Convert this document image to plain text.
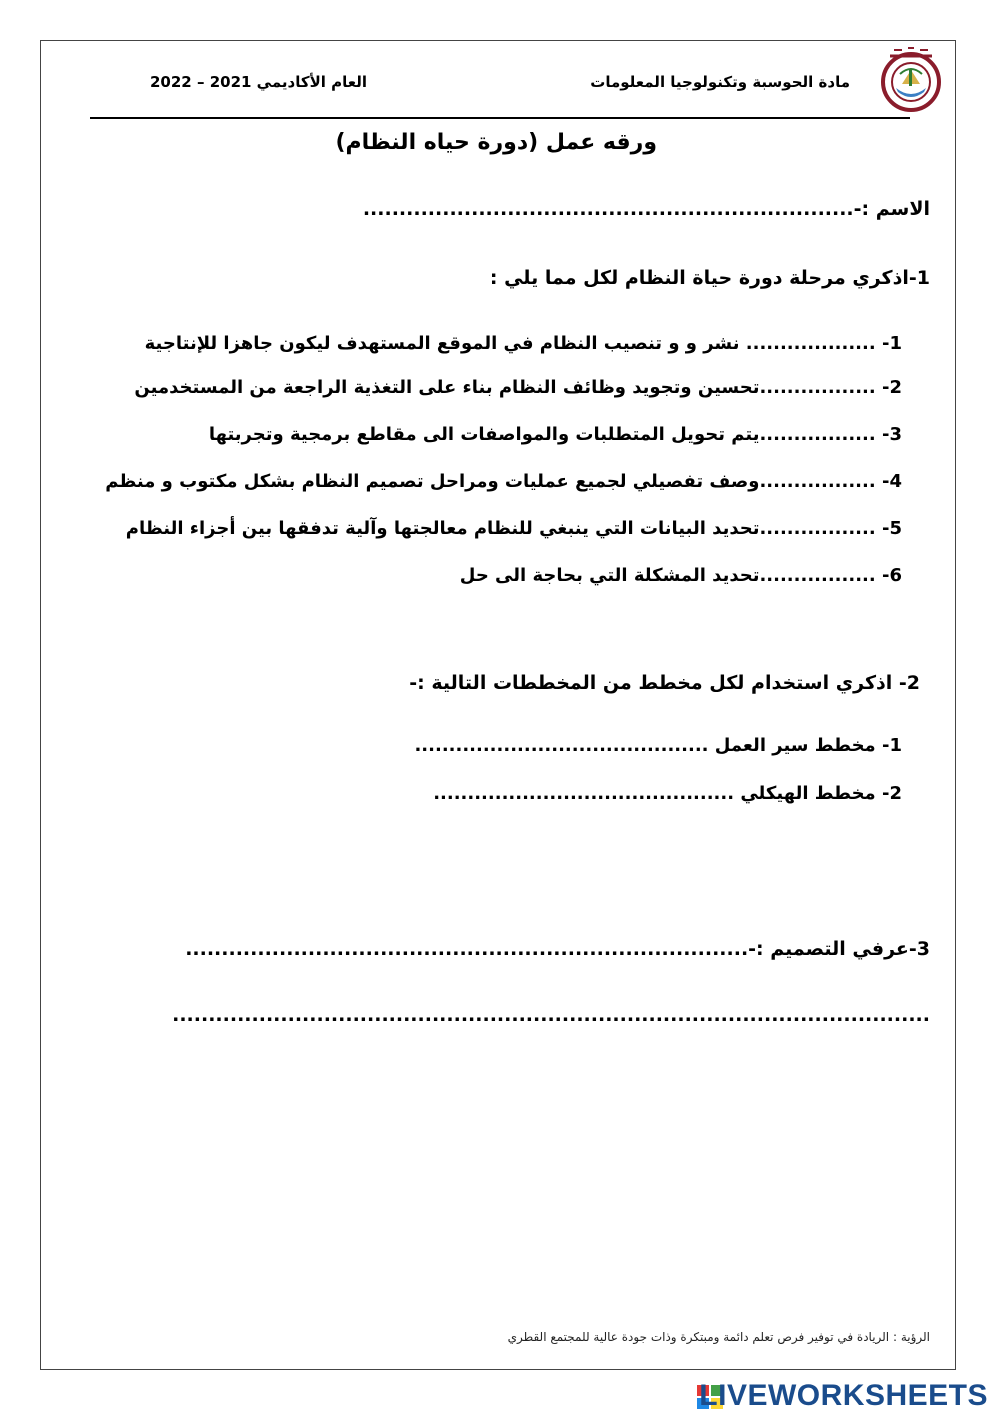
مادة الحوسبة وتكنولوجيا المعلومات
العام الأكاديمي 2021 – 2022
ورقه عمل (دورة حياه النظام)
الاسم :-....................................................................
1-اذكري مرحلة دورة حياة النظام لكل مما يلي :
1- ................... نشر و و تنصيب النظام في الموقع المستهدف ليكون جاهزا للإنتاجية
2- .................تحسين وتجويد وظائف النظام بناء على التغذية الراجعة من المستخدمين
3- .................يتم تحويل المتطلبات والمواصفات الى مقاطع برمجية وتجربتها
4- .................وصف تفصيلي لجميع عمليات ومراحل تصميم النظام بشكل مكتوب و منظم
5- .................تحديد البيانات التي ينبغي للنظام معالجتها وآلية تدفقها بين أجزاء النظام
6- .................تحديد المشكلة التي بحاجة الى حل
2- اذكري استخدام لكل مخطط من المخططات التالية :-
1- مخطط سير العمل ...........................................
2- مخطط الهيكلي ............................................
3-عرفي التصميم :-..............................................................................
.........................................................................................................
الرؤية : الريادة في توفير فرص تعلم دائمة ومبتكرة وذات جودة عالية للمجتمع القطري
LIVEWORKSHEETS
